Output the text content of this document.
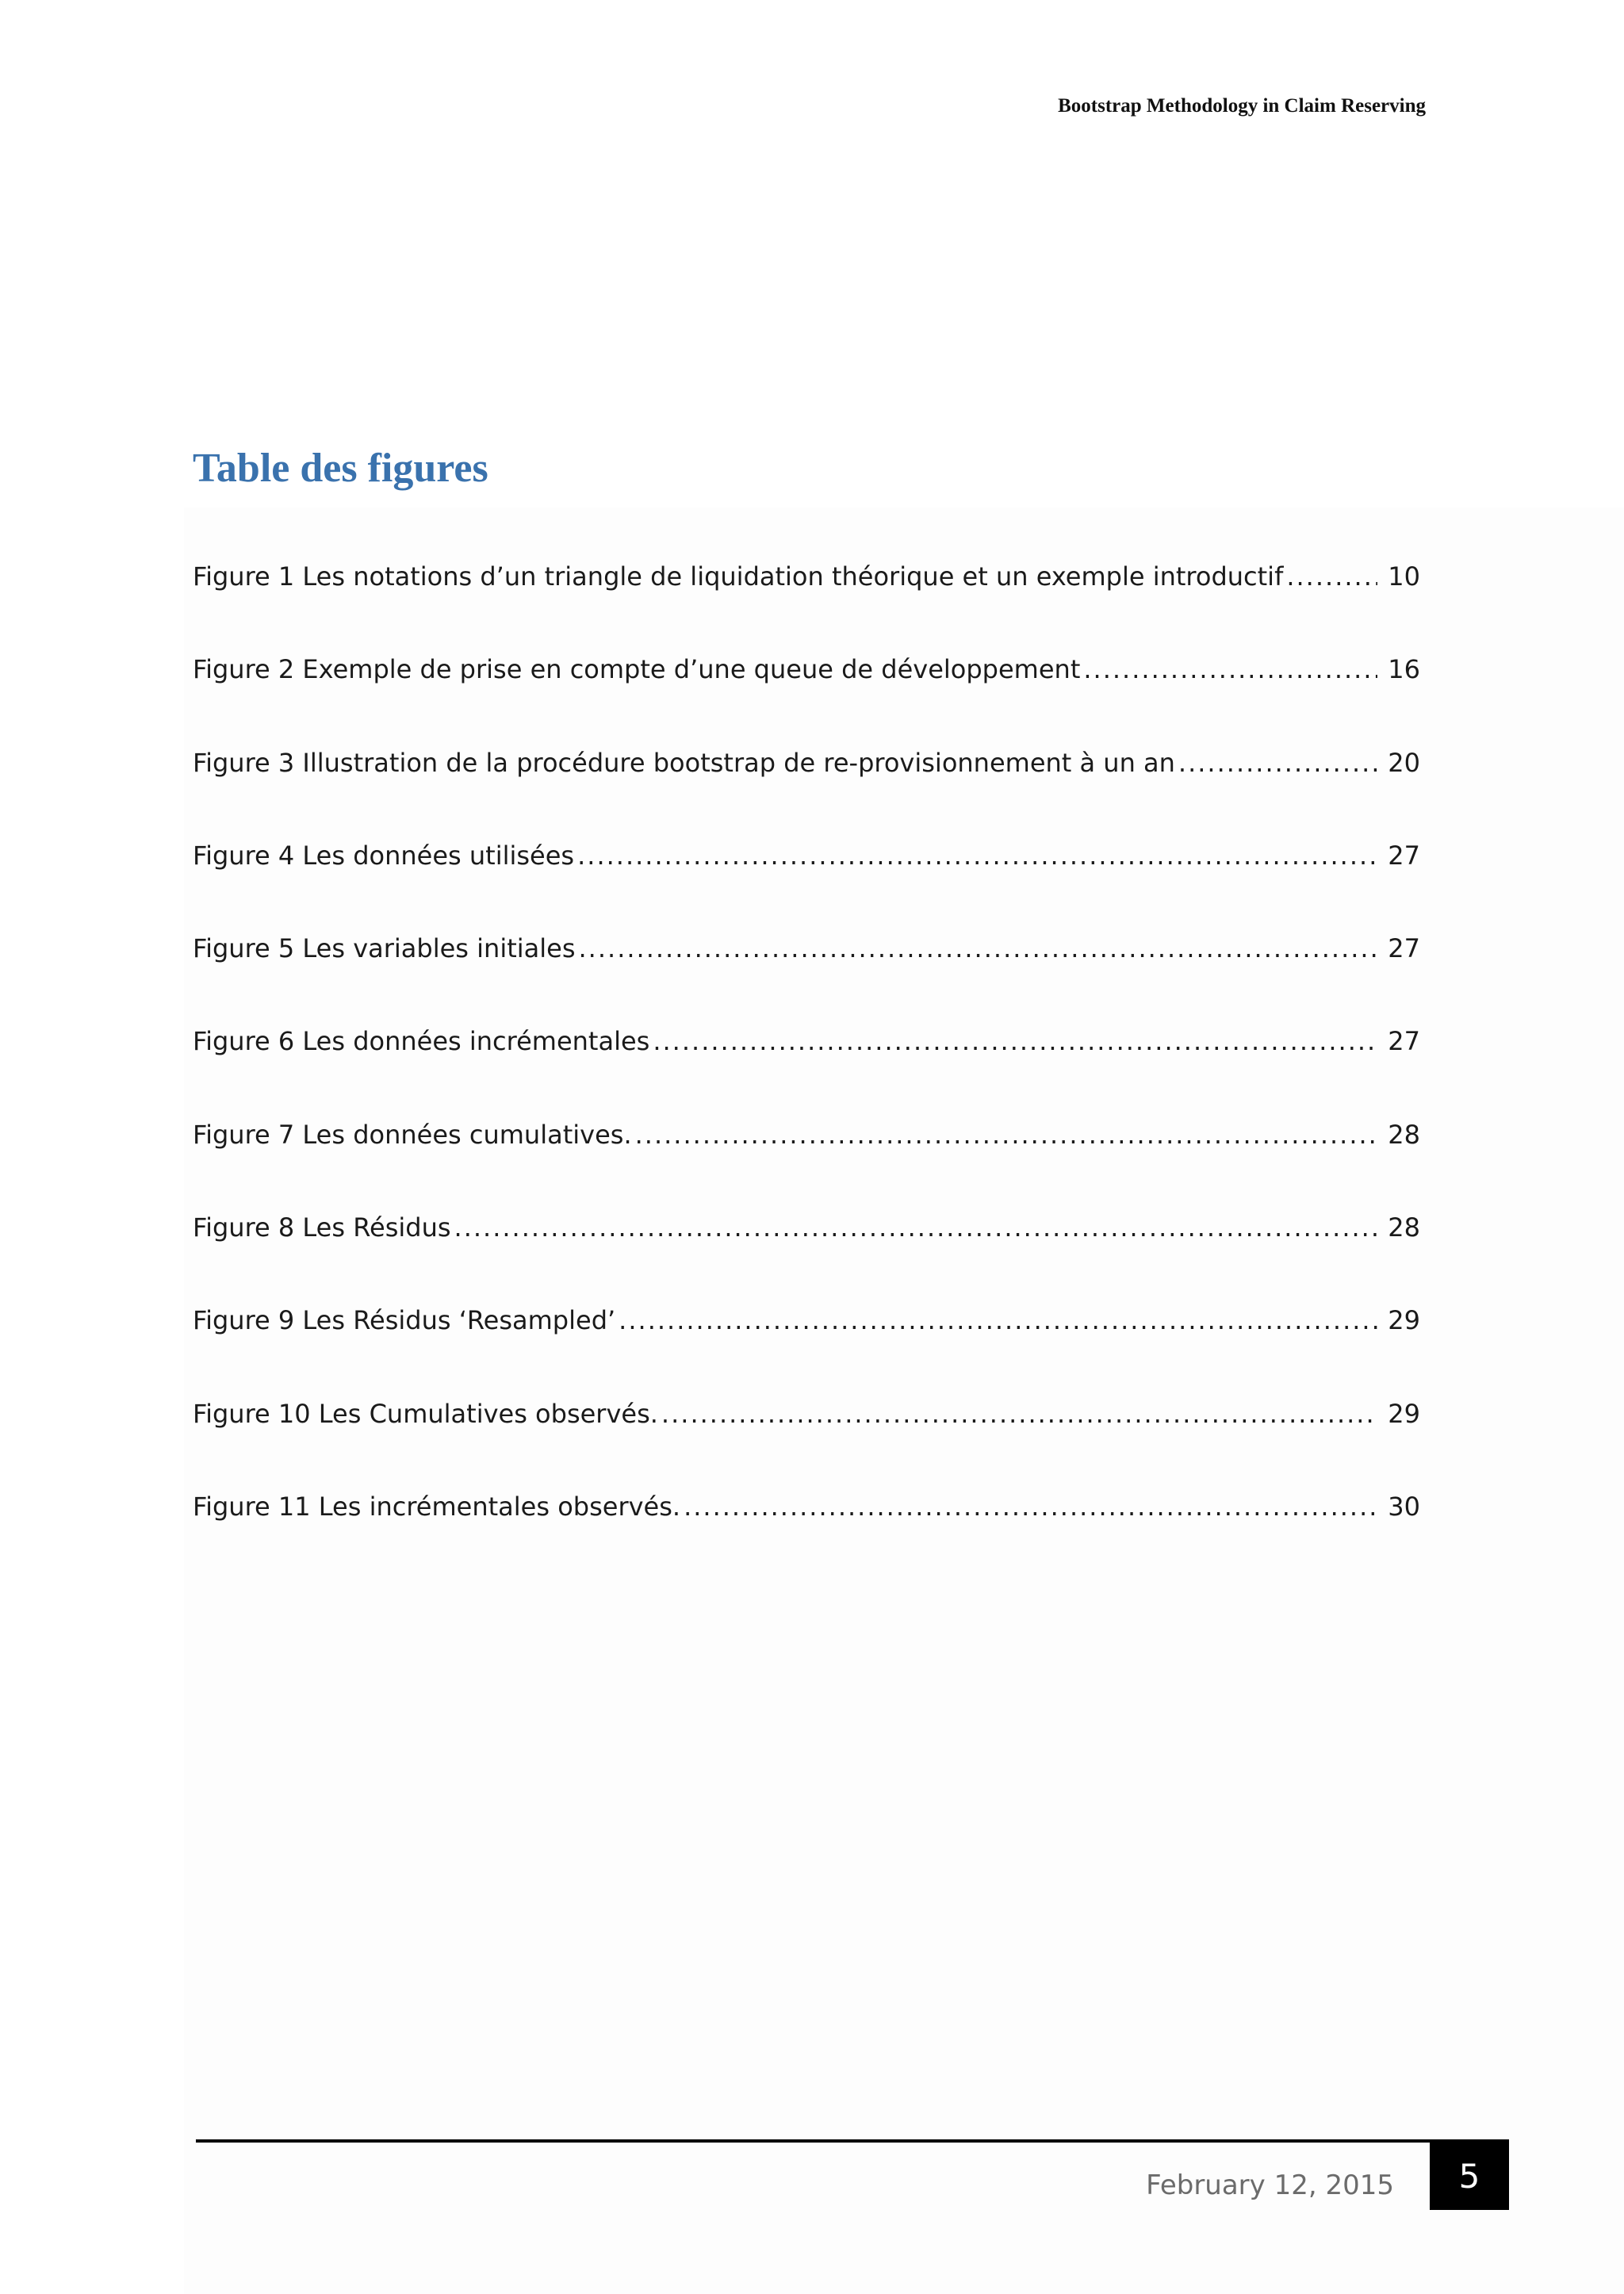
Bootstrap Methodology in Claim Reserving
Table des figures
Figure 1 Les notations d’un triangle de liquidation théorique et un exemple introductif .....	10
Figure 2 Exemple de prise en compte d’une queue de développement .....	16
Figure 3 Illustration de la procédure bootstrap de re-provisionnement à un an .....	20
Figure 4 Les données utilisées .....	27
Figure 5 Les variables initiales .....	27
Figure 6 Les données incrémentales .....	27
Figure 7 Les données cumulatives. .....	28
Figure 8 Les Résidus .....	28
Figure 9 Les Résidus ‘Resampled’ .....	29
Figure 10 Les Cumulatives observés. .....	29
Figure 11 Les incrémentales observés. .....	30
February 12, 2015	5
